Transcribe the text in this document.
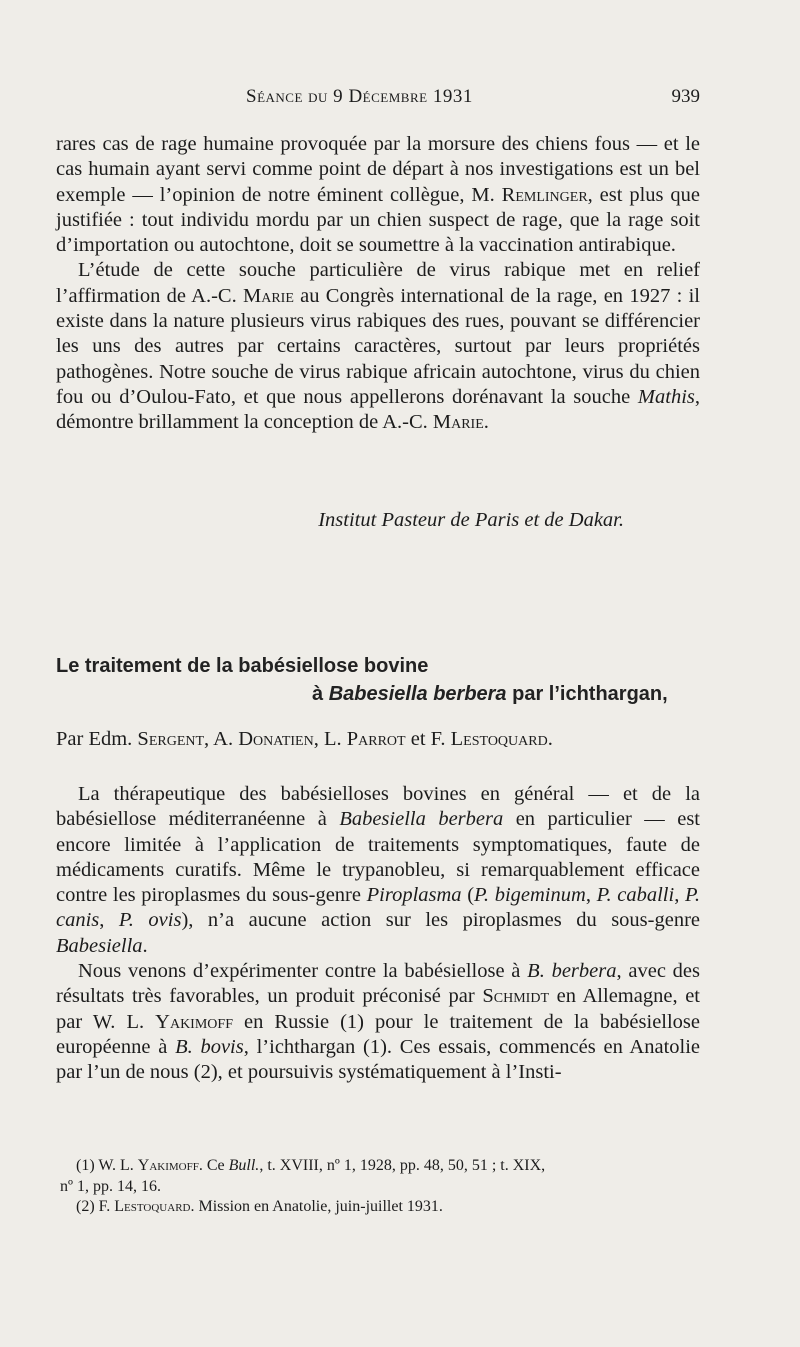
Séance du 9 Décembre 1931	939

rares cas de rage humaine provoquée par la morsure des chiens fous — et le cas humain ayant servi comme point de départ à nos investigations est un bel exemple — l’opinion de notre éminent collègue, M. Remlinger, est plus que justifiée : tout individu mordu par un chien suspect de rage, que la rage soit d’importation ou autochtone, doit se soumettre à la vaccination antirabique.

L’étude de cette souche particulière de virus rabique met en relief l’affirmation de A.-C. Marie au Congrès international de la rage, en 1927 : il existe dans la nature plusieurs virus rabiques des rues, pouvant se différencier les uns des autres par certains caractères, surtout par leurs propriétés pathogènes. Notre souche de virus rabique africain autochtone, virus du chien fou ou d’Oulou-Fato, et que nous appellerons dorénavant la souche Mathis, démontre brillamment la conception de A.-C. Marie.

Institut Pasteur de Paris et de Dakar.
Le traitement de la babésiellose bovine
à Babesiella berbera par l’ichthargan,
Par Edm. Sergent, A. Donatien, L. Parrot et F. Lestoquard.

La thérapeutique des babésielloses bovines en général — et de la babésiellose méditerranéenne à Babesiella berbera en particulier — est encore limitée à l’application de traitements symptomatiques, faute de médicaments curatifs. Même le trypanobleu, si remarquablement efficace contre les piroplasmes du sous-genre Piroplasma (P. bigeminum, P. caballi, P. canis, P. ovis), n’a aucune action sur les piroplasmes du sous-genre Babesiella.

Nous venons d’expérimenter contre la babésiellose à B. berbera, avec des résultats très favorables, un produit préconisé par Schmidt en Allemagne, et par W. L. Yakimoff en Russie (1) pour le traitement de la babésiellose européenne à B. bovis, l’ichthargan (1). Ces essais, commencés en Anatolie par l’un de nous (2), et poursuivis systématiquement à l’Insti-

(1) W. L. Yakimoff. Ce Bull., t. XVIII, nº 1, 1928, pp. 48, 50, 51 ; t. XIX,
nº 1, pp. 14, 16.
(2) F. Lestoquard. Mission en Anatolie, juin-juillet 1931.
